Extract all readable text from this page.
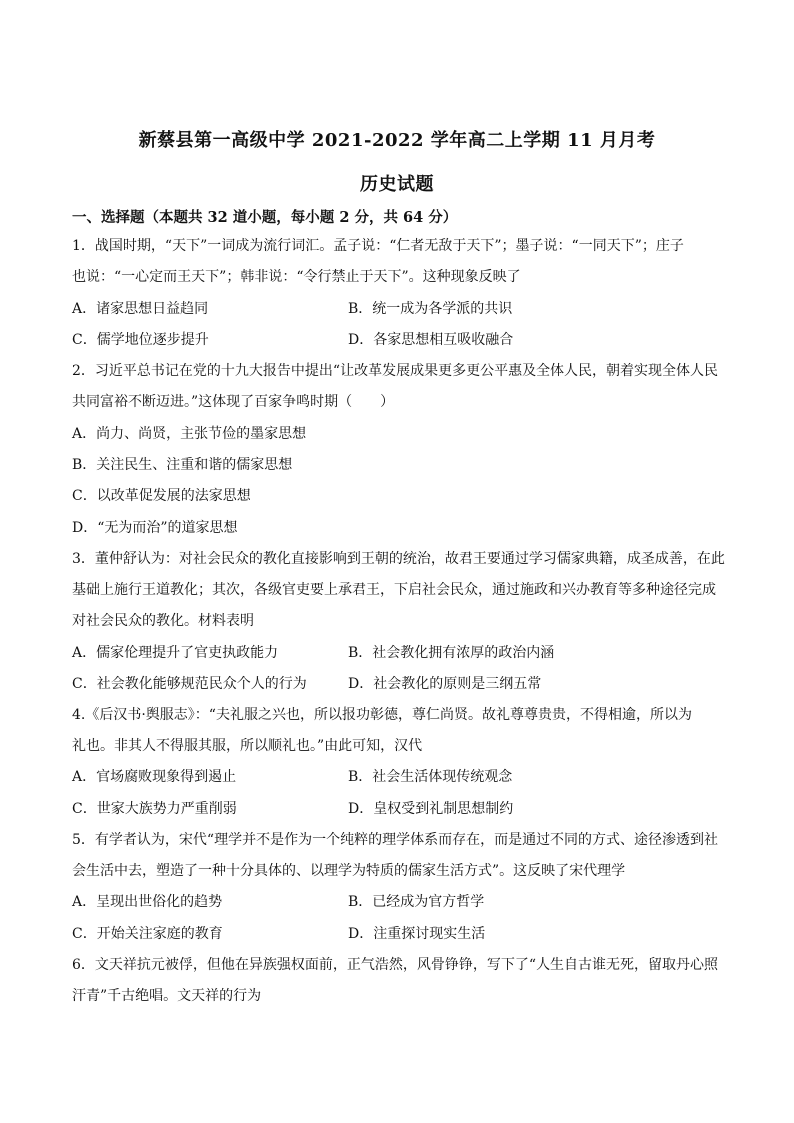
新蔡县第一高级中学 2021-2022 学年高二上学期 11 月月考
历史试题
一、选择题（本题共 32 道小题，每小题 2 分，共 64 分）
1．战国时期，“天下”一词成为流行词汇。孟子说：“仁者无敌于天下”；墨子说：“一同天下”；庄子
也说：“一心定而王天下”；韩非说：“令行禁止于天下”。这种现象反映了
A．诸家思想日益趋同	B．统一成为各学派的共识
C．儒学地位逐步提升	D．各家思想相互吸收融合
2．习近平总书记在党的十九大报告中提出“让改革发展成果更多更公平惠及全体人民，朝着实现全体人民
共同富裕不断迈进。”这体现了百家争鸣时期（　　）
A．尚力、尚贤，主张节俭的墨家思想
B．关注民生、注重和谐的儒家思想
C．以改革促发展的法家思想
D．“无为而治”的道家思想
3．董仲舒认为：对社会民众的教化直接影响到王朝的统治，故君王要通过学习儒家典籍，成圣成善，在此
基础上施行王道教化；其次，各级官吏要上承君王，下启社会民众，通过施政和兴办教育等多种途径完成
对社会民众的教化。材料表明
A．儒家伦理提升了官吏执政能力	B．社会教化拥有浓厚的政治内涵
C．社会教化能够规范民众个人的行为	D．社会教化的原则是三纲五常
4.《后汉书·舆服志》：“夫礼服之兴也，所以报功彰德，尊仁尚贤。故礼尊尊贵贵，不得相逾，所以为
礼也。非其人不得服其服，所以顺礼也。”由此可知，汉代
A．官场腐败现象得到遏止	B．社会生活体现传统观念
C．世家大族势力严重削弱	D．皇权受到礼制思想制约
5．有学者认为，宋代“理学并不是作为一个纯粹的理学体系而存在，而是通过不同的方式、途径渗透到社
会生活中去，塑造了一种十分具体的、以理学为特质的儒家生活方式”。这反映了宋代理学
A．呈现出世俗化的趋势	B．已经成为官方哲学
C．开始关注家庭的教育	D．注重探讨现实生活
6．文天祥抗元被俘，但他在异族强权面前，正气浩然，风骨铮铮，写下了“人生自古谁无死，留取丹心照
汗青”千古绝唱。文天祥的行为
